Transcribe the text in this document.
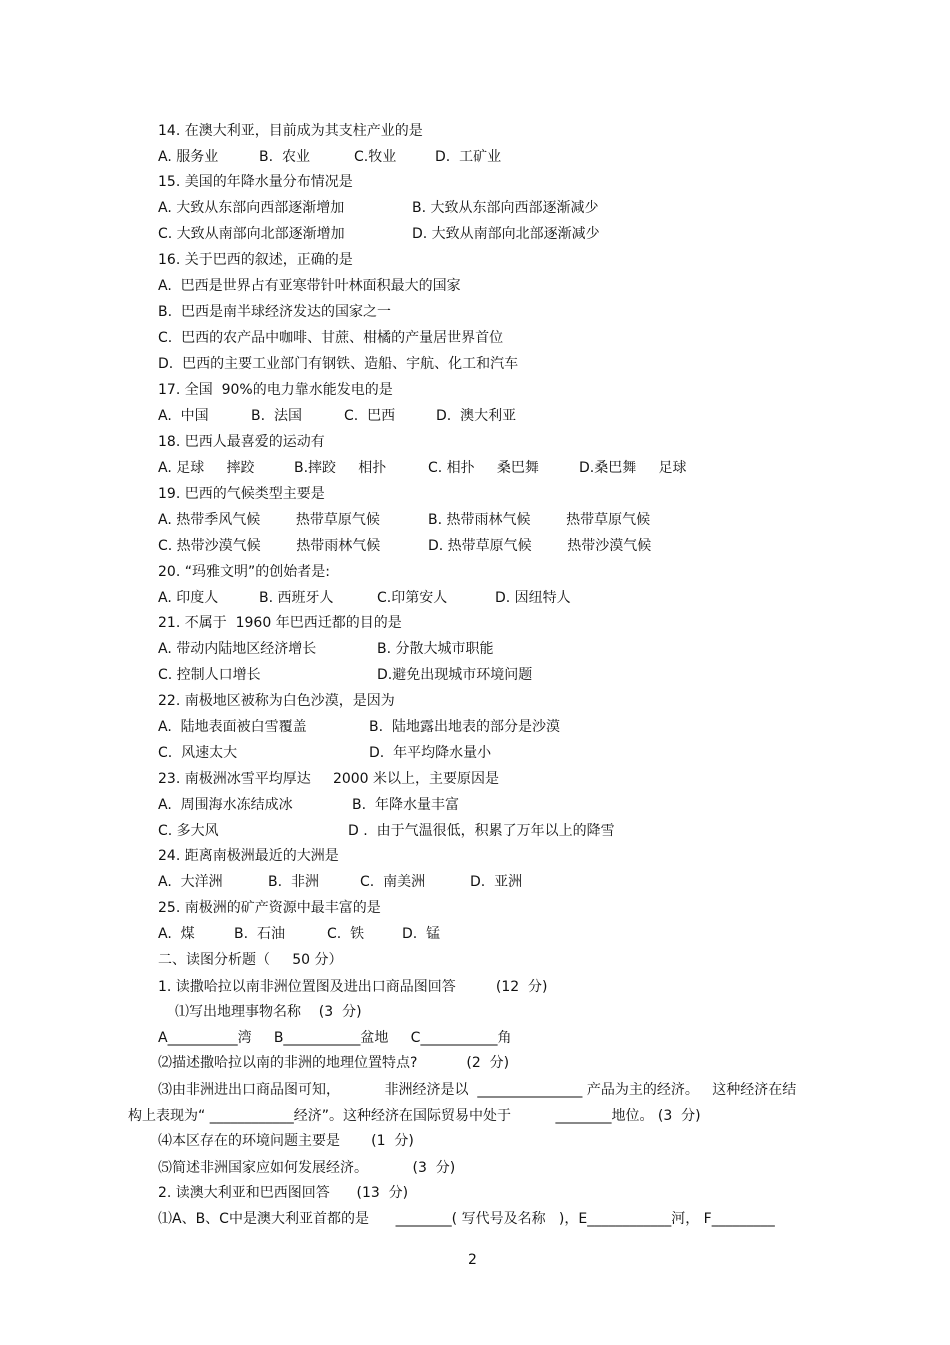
14. 在澳大利亚，目前成为其支柱产业的是

A. 服务业

	B.  农业

	C.牧业

	D.  工矿业

15. 美国的年降水量分布情况是

A. 大致从东部向西部逐渐增加

	B. 大致从东部向西部逐渐减少

C. 大致从南部向北部逐渐增加

	D. 大致从南部向北部逐渐减少

16. 关于巴西的叙述，正确的是
A.  巴西是世界占有亚寒带针叶林面积最大的国家
B.  巴西是南半球经济发达的国家之一
C.  巴西的农产品中咖啡、甘蔗、柑橘的产量居世界首位
D.  巴西的主要工业部门有钢铁、造船、宇航、化工和汽车
17. 全国  90%的电力靠水能发电的是

A.  中国

	B.  法国

	C.  巴西

	D.  澳大利亚

18. 巴西人最喜爱的运动有

A. 足球     摔跤

	B.摔跤     相扑

	C. 相扑     桑巴舞

	D.桑巴舞     足球

19. 巴西的气候类型主要是

A. 热带季风气候        热带草原气候

	B. 热带雨林气候        热带草原气候

C. 热带沙漠气候        热带雨林气候

	D. 热带草原气候        热带沙漠气候

20. “玛雅文明”的创始者是:

A. 印度人

	B. 西班牙人

	C.印第安人

	D. 因纽特人

21. 不属于  1960 年巴西迁都的目的是

A. 带动内陆地区经济增长

	B. 分散大城市职能

C. 控制人口增长

	D.避免出现城市环境问题

22. 南极地区被称为白色沙漠，是因为

A.  陆地表面被白雪覆盖

	B.  陆地露出地表的部分是沙漠

C.  风速太大

	D.  年平均降水量小

23. 南极洲冰雪平均厚达     2000 米以上，主要原因是

A.  周围海水冻结成冰

	B.  年降水量丰富

C. 多大风

	D .  由于气温很低，积累了万年以上的降雪

24. 距离南极洲最近的大洲是

A.  大洋洲

	B.  非洲

	C.  南美洲

	D.  亚洲

25. 南极洲的矿产资源中最丰富的是

A.  煤

	B.  石油

	C.  铁

	D.  锰

二、读图分析题（     50 分）
1. 读撒哈拉以南非洲位置图及进出口商品图回答         (12  分)
⑴写出地理事物名称    (3  分)
A__________湾     B___________盆地     C___________角
⑵描述撒哈拉以南的非洲的地理位置特点?           (2  分)
⑶由非洲进出口商品图可知，          非洲经济是以  _______________ 产品为主的经济。   这种经济在结
构上表现为“ ____________经济”。这种经济在国际贸易中处于          ________地位。 (3  分)
⑷本区存在的环境问题主要是       (1  分)
⑸简述非洲国家应如何发展经济。          (3  分)
2. 读澳大利亚和巴西图回答      (13  分)
⑴A、B、C中是澳大利亚首都的是      ________( 写代号及名称   )，E____________河， F_________
2
